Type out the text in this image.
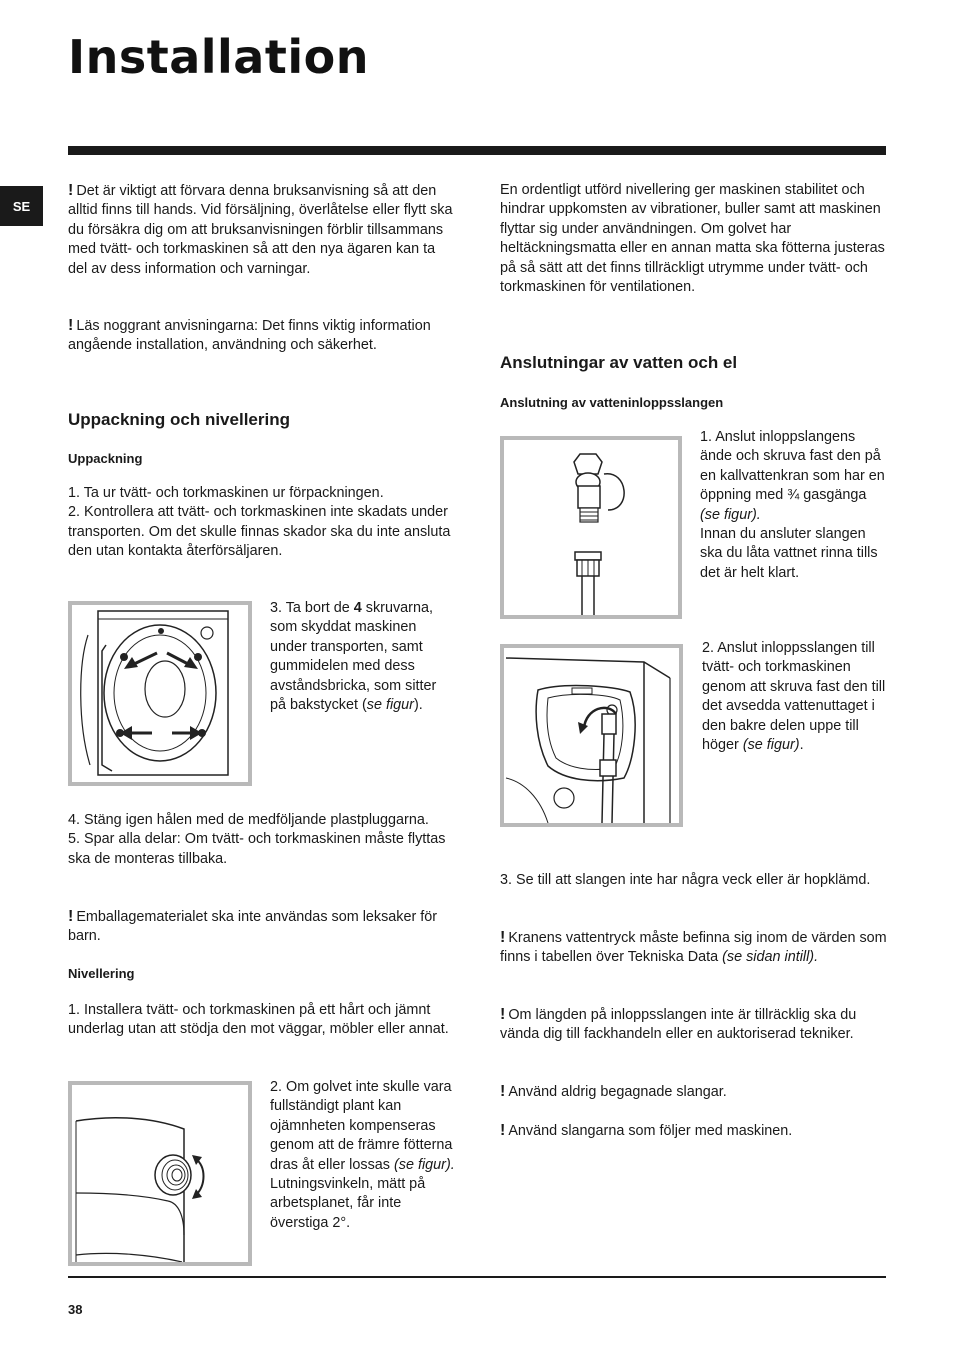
Installation
SE
! Det är viktigt att förvara denna bruksanvisning så att den alltid finns till hands. Vid försäljning, överlåtelse eller flytt ska du försäkra dig om att bruksanvisningen förblir tillsammans med tvätt- och torkmaskinen så att den nya ägaren kan ta del av dess information och varningar.
! Läs noggrant anvisningarna: Det finns viktig information angående installation, användning och säkerhet.
Uppackning och nivellering
Uppackning

1. Ta ur tvätt- och torkmaskinen ur förpackningen.

2. Kontrollera att tvätt- och torkmaskinen inte skadats under transporten. Om det skulle finnas skador ska du inte ansluta den utan kontakta återförsäljaren.

3. Ta bort de 4 skruvarna, som skyddat maskinen under transporten, samt gummidelen med dess avståndsbricka, som sitter på bakstycket (se figur).

4. Stäng igen hålen med de medföljande plastpluggarna.

5. Spar alla delar: Om tvätt- och torkmaskinen måste flyttas ska de monteras tillbaka.

! Emballagematerialet ska inte användas som leksaker för barn.
Nivellering
1. Installera tvätt- och torkmaskinen på ett hårt och jämnt underlag utan att stödja den mot väggar, möbler eller annat.
2. Om golvet inte skulle vara fullständigt plant kan ojämnheten kompenseras genom att de främre fötterna dras åt eller lossas (se figur).
Lutningsvinkeln, mätt på arbetsplanet, får inte överstiga 2°.
En ordentligt utförd nivellering ger maskinen stabilitet och hindrar uppkomsten av vibrationer, buller samt att maskinen flyttar sig under användningen. Om golvet har heltäckningsmatta eller en annan matta ska fötterna justeras på så sätt att det finns tillräckligt utrymme under tvätt- och torkmaskinen för ventilationen.
Anslutningar av vatten och el
Anslutning av vatteninloppsslangen
1. Anslut inloppslangens ände och skruva fast den på en kallvattenkran som har en öppning med ¾ gasgänga (se figur).
Innan du ansluter slangen ska du låta vattnet rinna tills det är helt klart.
2. Anslut inloppsslangen till tvätt- och torkmaskinen genom att skruva fast den till det avsedda vattenuttaget i den bakre delen uppe till höger (se figur).
3. Se till att slangen inte har några veck eller är hopklämd.
! Kranens vattentryck måste befinna sig inom de värden som finns i tabellen över Tekniska Data (se sidan intill).
! Om längden på inloppsslangen inte är tillräcklig ska du vända dig till fackhandeln eller en auktoriserad tekniker.
! Använd aldrig begagnade slangar.
! Använd slangarna som följer med maskinen.
38
